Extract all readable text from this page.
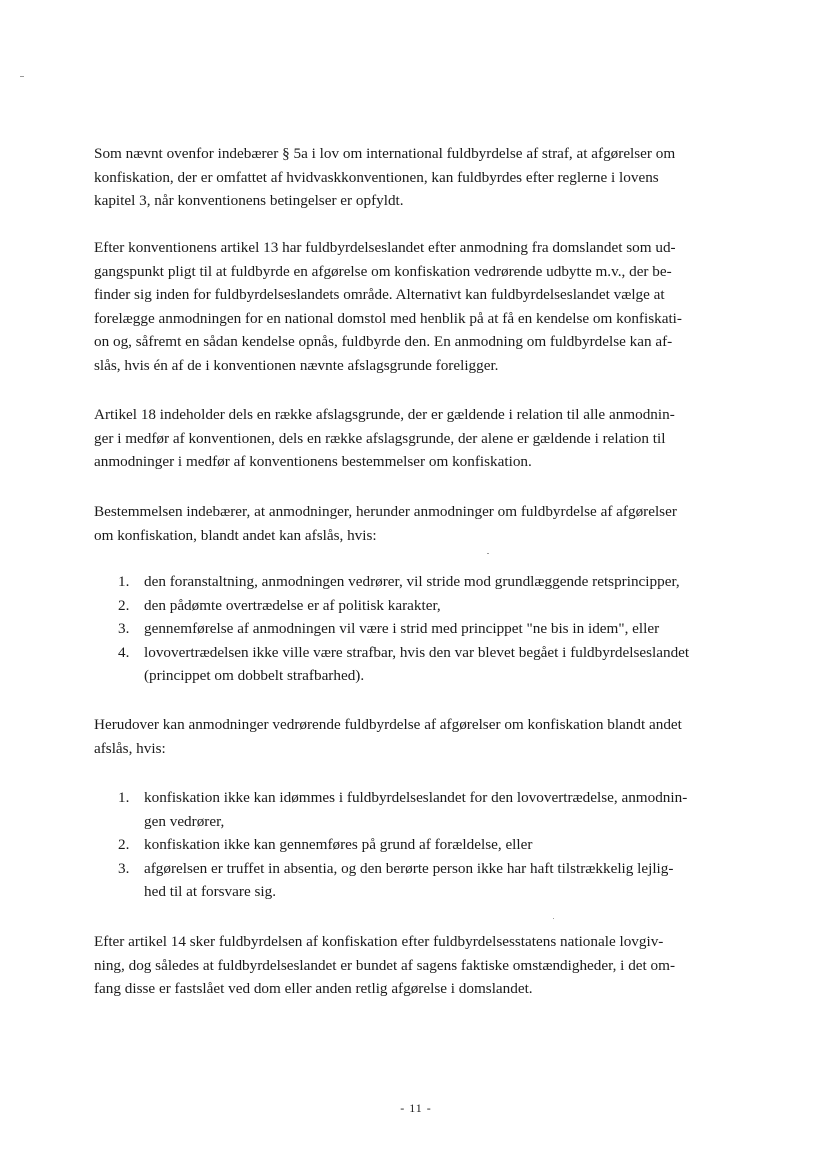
Som nævnt ovenfor indebærer § 5a i lov om international fuldbyrdelse af straf, at afgørelser om
konfiskation, der er omfattet af hvidvaskkonventionen, kan fuldbyrdes efter reglerne i lovens
kapitel 3, når konventionens betingelser er opfyldt.
Efter konventionens artikel 13 har fuldbyrdelseslandet efter anmodning fra domslandet som ud-
gangspunkt pligt til at fuldbyrde en afgørelse om konfiskation vedrørende udbytte m.v., der be-
finder sig inden for fuldbyrdelseslandets område. Alternativt kan fuldbyrdelseslandet vælge at
forelægge anmodningen for en national domstol med henblik på at få en kendelse om konfiskati-
on og, såfremt en sådan kendelse opnås, fuldbyrde den. En anmodning om fuldbyrdelse kan af-
slås, hvis én af de i konventionen nævnte afslagsgrunde foreligger.
Artikel 18 indeholder dels en række afslagsgrunde, der er gældende i relation til alle anmodnin-
ger i medfør af konventionen, dels en række afslagsgrunde, der alene er gældende i relation til
anmodninger i medfør af konventionens bestemmelser om konfiskation.
Bestemmelsen indebærer, at anmodninger, herunder anmodninger om fuldbyrdelse af afgørelser
om konfiskation, blandt andet kan afslås, hvis:
1. den foranstaltning, anmodningen vedrører, vil stride mod grundlæggende retsprincipper,
2. den pådømte overtrædelse er af politisk karakter,
3. gennemførelse af anmodningen vil være i strid med princippet "ne bis in idem", eller
4. lovovertrædelsen ikke ville være strafbar, hvis den var blevet begået i fuldbyrdelseslandet
(princippet om dobbelt strafbarhed).
Herudover kan anmodninger vedrørende fuldbyrdelse af afgørelser om konfiskation blandt andet
afslås, hvis:
1. konfiskation ikke kan idømmes i fuldbyrdelseslandet for den lovovertrædelse, anmodnin-
gen vedrører,
2. konfiskation ikke kan gennemføres på grund af forældelse, eller
3. afgørelsen er truffet in absentia, og den berørte person ikke har haft tilstrækkelig lejlig-
hed til at forsvare sig.
Efter artikel 14 sker fuldbyrdelsen af konfiskation efter fuldbyrdelsesstatens nationale lovgiv-
ning, dog således at fuldbyrdelseslandet er bundet af sagens faktiske omstændigheder, i det om-
fang disse er fastslået ved dom eller anden retlig afgørelse i domslandet.
- 11 -
